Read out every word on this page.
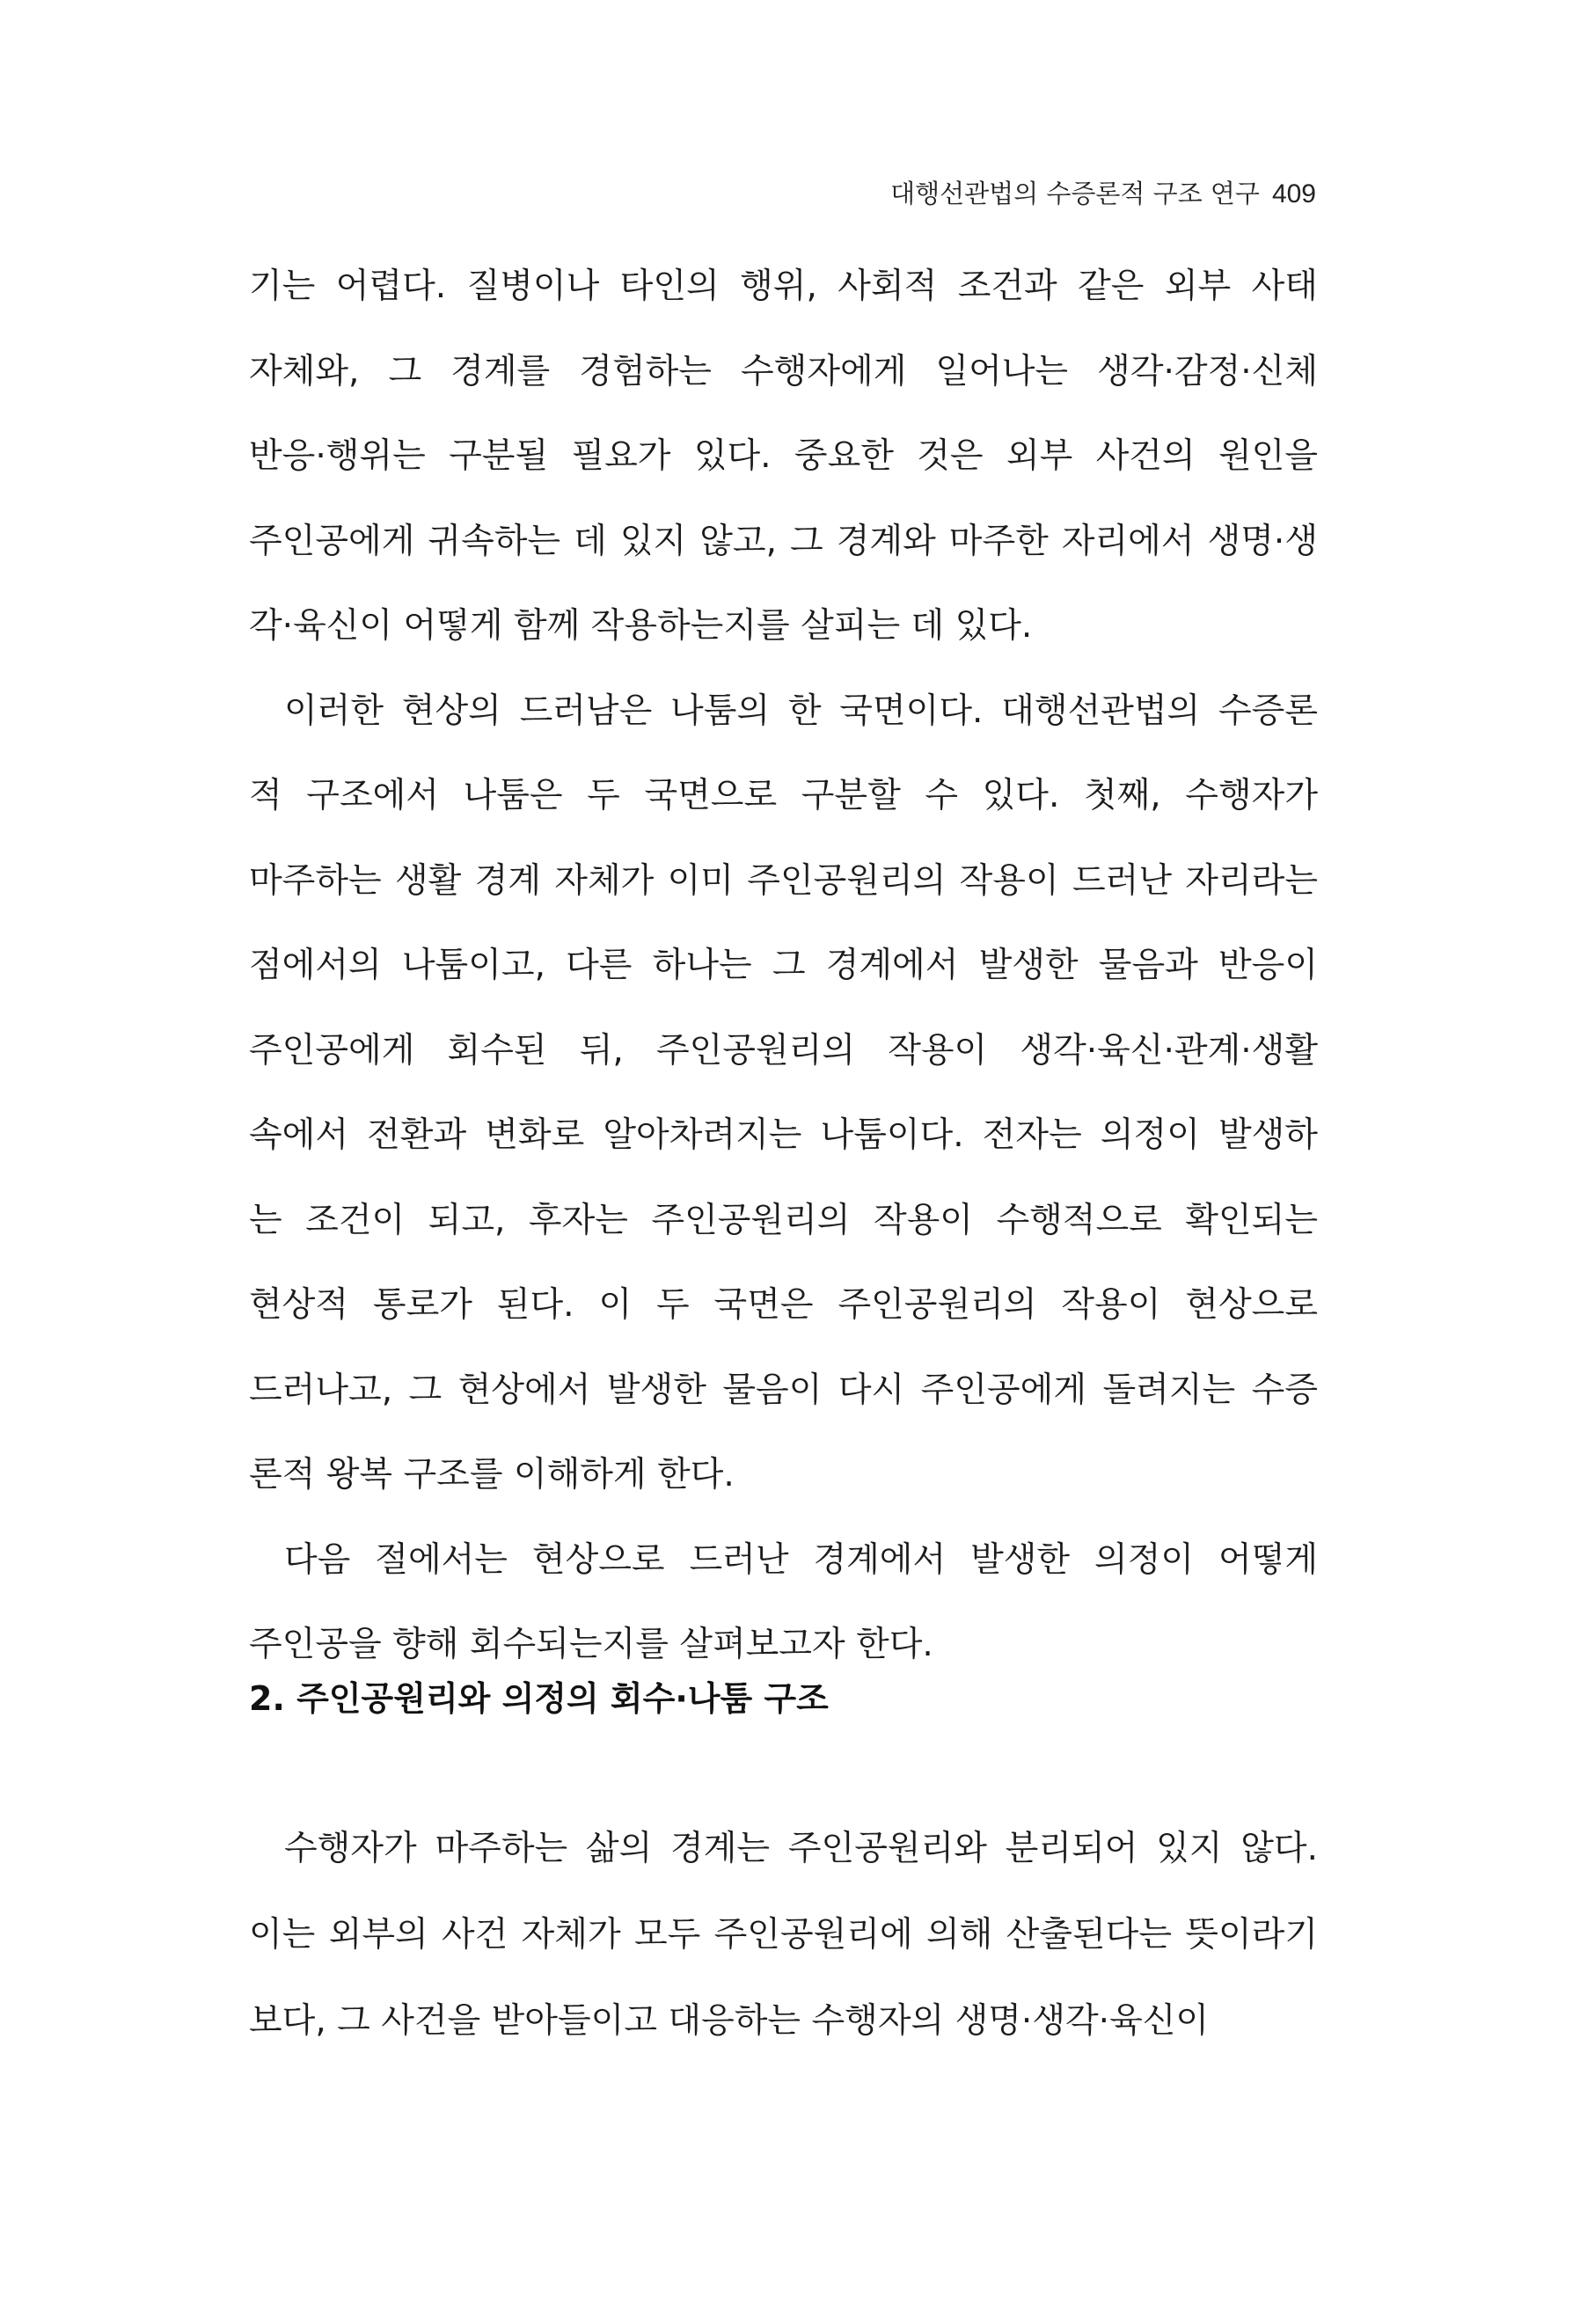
대행선관법의 수증론적 구조 연구 409
기는 어렵다. 질병이나 타인의 행위, 사회적 조건과 같은 외부 사태
자체와, 그 경계를 경험하는 수행자에게 일어나는 생각·감정·신체
반응·행위는 구분될 필요가 있다. 중요한 것은 외부 사건의 원인을
주인공에게 귀속하는 데 있지 않고, 그 경계와 마주한 자리에서 생명·생
각·육신이 어떻게 함께 작용하는지를 살피는 데 있다.
이러한 현상의 드러남은 나툼의 한 국면이다. 대행선관법의 수증론
적 구조에서 나툼은 두 국면으로 구분할 수 있다. 첫째, 수행자가
마주하는 생활 경계 자체가 이미 주인공원리의 작용이 드러난 자리라는
점에서의 나툼이고, 다른 하나는 그 경계에서 발생한 물음과 반응이
주인공에게 회수된 뒤, 주인공원리의 작용이 생각·육신·관계·생활
속에서 전환과 변화로 알아차려지는 나툼이다. 전자는 의정이 발생하
는 조건이 되고, 후자는 주인공원리의 작용이 수행적으로 확인되는
현상적 통로가 된다. 이 두 국면은 주인공원리의 작용이 현상으로
드러나고, 그 현상에서 발생한 물음이 다시 주인공에게 돌려지는 수증
론적 왕복 구조를 이해하게 한다.
다음 절에서는 현상으로 드러난 경계에서 발생한 의정이 어떻게
주인공을 향해 회수되는지를 살펴보고자 한다.
2. 주인공원리와 의정의 회수·나툼 구조
수행자가 마주하는 삶의 경계는 주인공원리와 분리되어 있지 않다.
이는 외부의 사건 자체가 모두 주인공원리에 의해 산출된다는 뜻이라기
보다, 그 사건을 받아들이고 대응하는 수행자의 생명·생각·육신이
